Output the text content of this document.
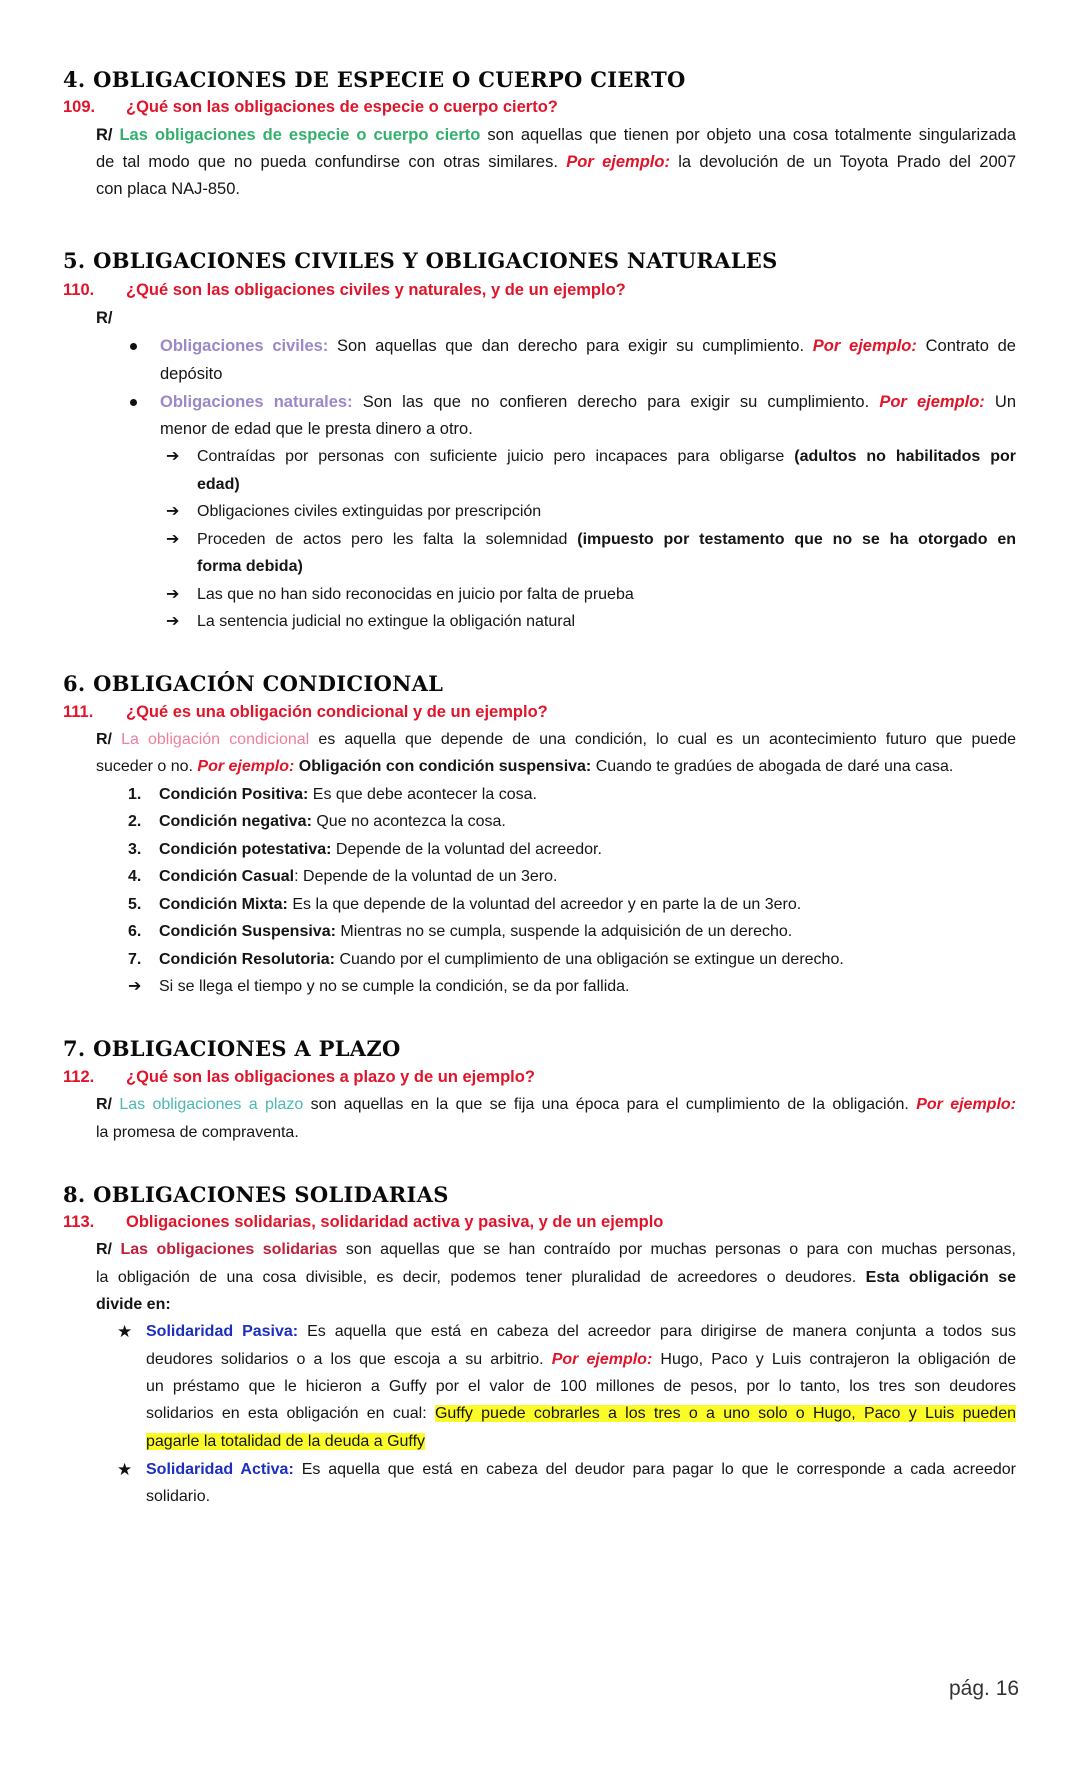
4. OBLIGACIONES DE ESPECIE O CUERPO CIERTO
109. ¿Qué son las obligaciones de especie o cuerpo cierto?
R/ Las obligaciones de especie o cuerpo cierto son aquellas que tienen por objeto una cosa totalmente singularizada
de tal modo que no pueda confundirse con otras similares. Por ejemplo: la devolución de un Toyota Prado del 2007
con placa NAJ-850.
5. OBLIGACIONES CIVILES Y OBLIGACIONES NATURALES
110. ¿Qué son las obligaciones civiles y naturales, y de un ejemplo?
R/
Obligaciones civiles: Son aquellas que dan derecho para exigir su cumplimiento. Por ejemplo: Contrato de
depósito
Obligaciones naturales: Son las que no confieren derecho para exigir su cumplimiento. Por ejemplo: Un
menor de edad que le presta dinero a otro.
➔ Contraídas por personas con suficiente juicio pero incapaces para obligarse (adultos no habilitados por
edad)
➔ Obligaciones civiles extinguidas por prescripción
➔ Proceden de actos pero les falta la solemnidad (impuesto por testamento que no se ha otorgado en
forma debida)
➔ Las que no han sido reconocidas en juicio por falta de prueba
➔ La sentencia judicial no extingue la obligación natural
6. OBLIGACIÓN CONDICIONAL
111. ¿Qué es una obligación condicional y de un ejemplo?
R/ La obligación condicional es aquella que depende de una condición, lo cual es un acontecimiento futuro que puede
suceder o no. Por ejemplo: Obligación con condición suspensiva: Cuando te gradúes de abogada de daré una casa.
1. Condición Positiva: Es que debe acontecer la cosa.
2. Condición negativa: Que no acontezca la cosa.
3. Condición potestativa: Depende de la voluntad del acreedor.
4. Condición Casual: Depende de la voluntad de un 3ero.
5. Condición Mixta: Es la que depende de la voluntad del acreedor y en parte la de un 3ero.
6. Condición Suspensiva: Mientras no se cumpla, suspende la adquisición de un derecho.
7. Condición Resolutoria: Cuando por el cumplimiento de una obligación se extingue un derecho.
➔ Si se llega el tiempo y no se cumple la condición, se da por fallida.
7. OBLIGACIONES A PLAZO
112. ¿Qué son las obligaciones a plazo y de un ejemplo?
R/ Las obligaciones a plazo son aquellas en la que se fija una época para el cumplimiento de la obligación. Por ejemplo:
la promesa de compraventa.
8. OBLIGACIONES SOLIDARIAS
113. Obligaciones solidarias, solidaridad activa y pasiva, y de un ejemplo
R/ Las obligaciones solidarias son aquellas que se han contraído por muchas personas o para con muchas personas,
la obligación de una cosa divisible, es decir, podemos tener pluralidad de acreedores o deudores. Esta obligación se
divide en:
★ Solidaridad Pasiva: Es aquella que está en cabeza del acreedor para dirigirse de manera conjunta a todos sus
deudores solidarios o a los que escoja a su arbitrio. Por ejemplo: Hugo, Paco y Luis contrajeron la obligación de
un préstamo que le hicieron a Guffy por el valor de 100 millones de pesos, por lo tanto, los tres son deudores
solidarios en esta obligación en cual: Guffy puede cobrarles a los tres o a uno solo o Hugo, Paco y Luis pueden
pagarle la totalidad de la deuda a Guffy
★ Solidaridad Activa: Es aquella que está en cabeza del deudor para pagar lo que le corresponde a cada acreedor
solidario.
pág. 16
